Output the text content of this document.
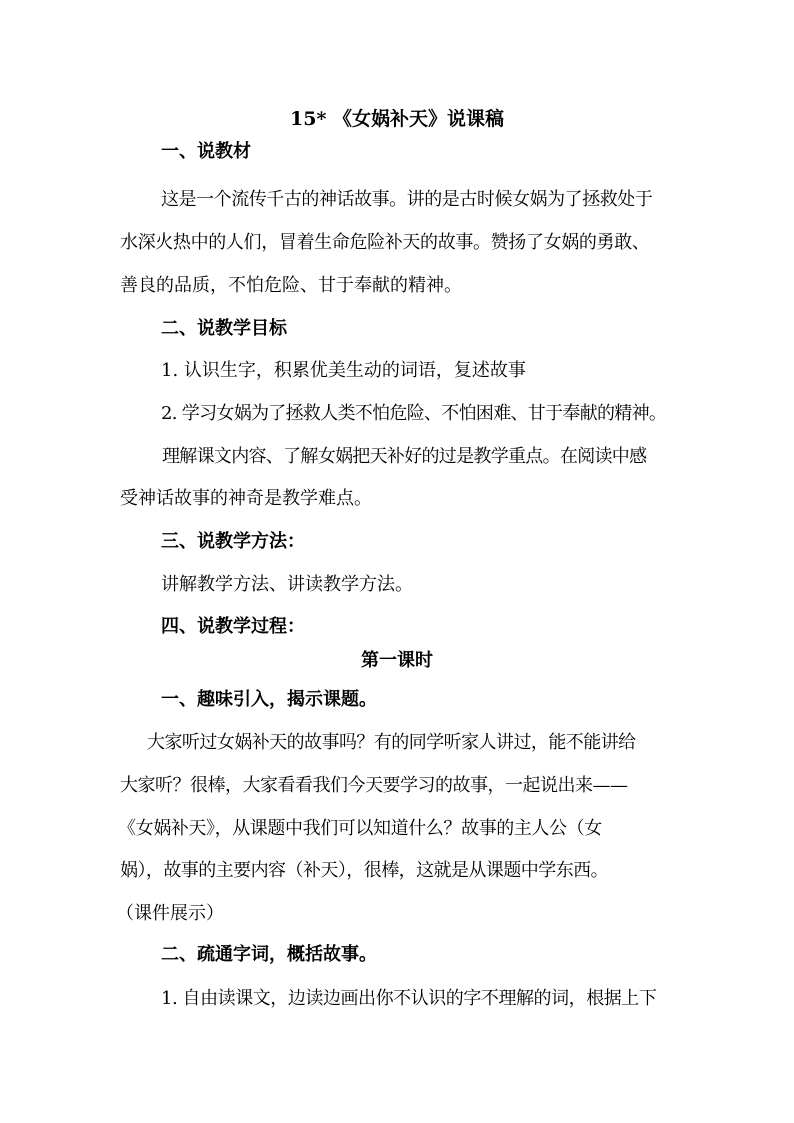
15* 《女娲补天》说课稿
一、说教材
这是一个流传千古的神话故事。讲的是古时候女娲为了拯救处于
水深火热中的人们，冒着生命危险补天的故事。赞扬了女娲的勇敢、
善良的品质，不怕危险、甘于奉献的精神。
二、说教学目标
1. 认识生字，积累优美生动的词语，复述故事
2. 学习女娲为了拯救人类不怕危险、不怕困难、甘于奉献的精神。
理解课文内容、了解女娲把天补好的过是教学重点。在阅读中感
受神话故事的神奇是教学难点。
三、说教学方法：
讲解教学方法、讲读教学方法。
四、说教学过程：
第一课时
一、趣味引入，揭示课题。
大家听过女娲补天的故事吗？有的同学听家人讲过，能不能讲给
大家听？很棒，大家看看我们今天要学习的故事，一起说出来——
《女娲补天》，从课题中我们可以知道什么？故事的主人公（女
娲），故事的主要内容（补天），很棒，这就是从课题中学东西。
（课件展示）
二、疏通字词，概括故事。
1. 自由读课文，边读边画出你不认识的字不理解的词，根据上下
